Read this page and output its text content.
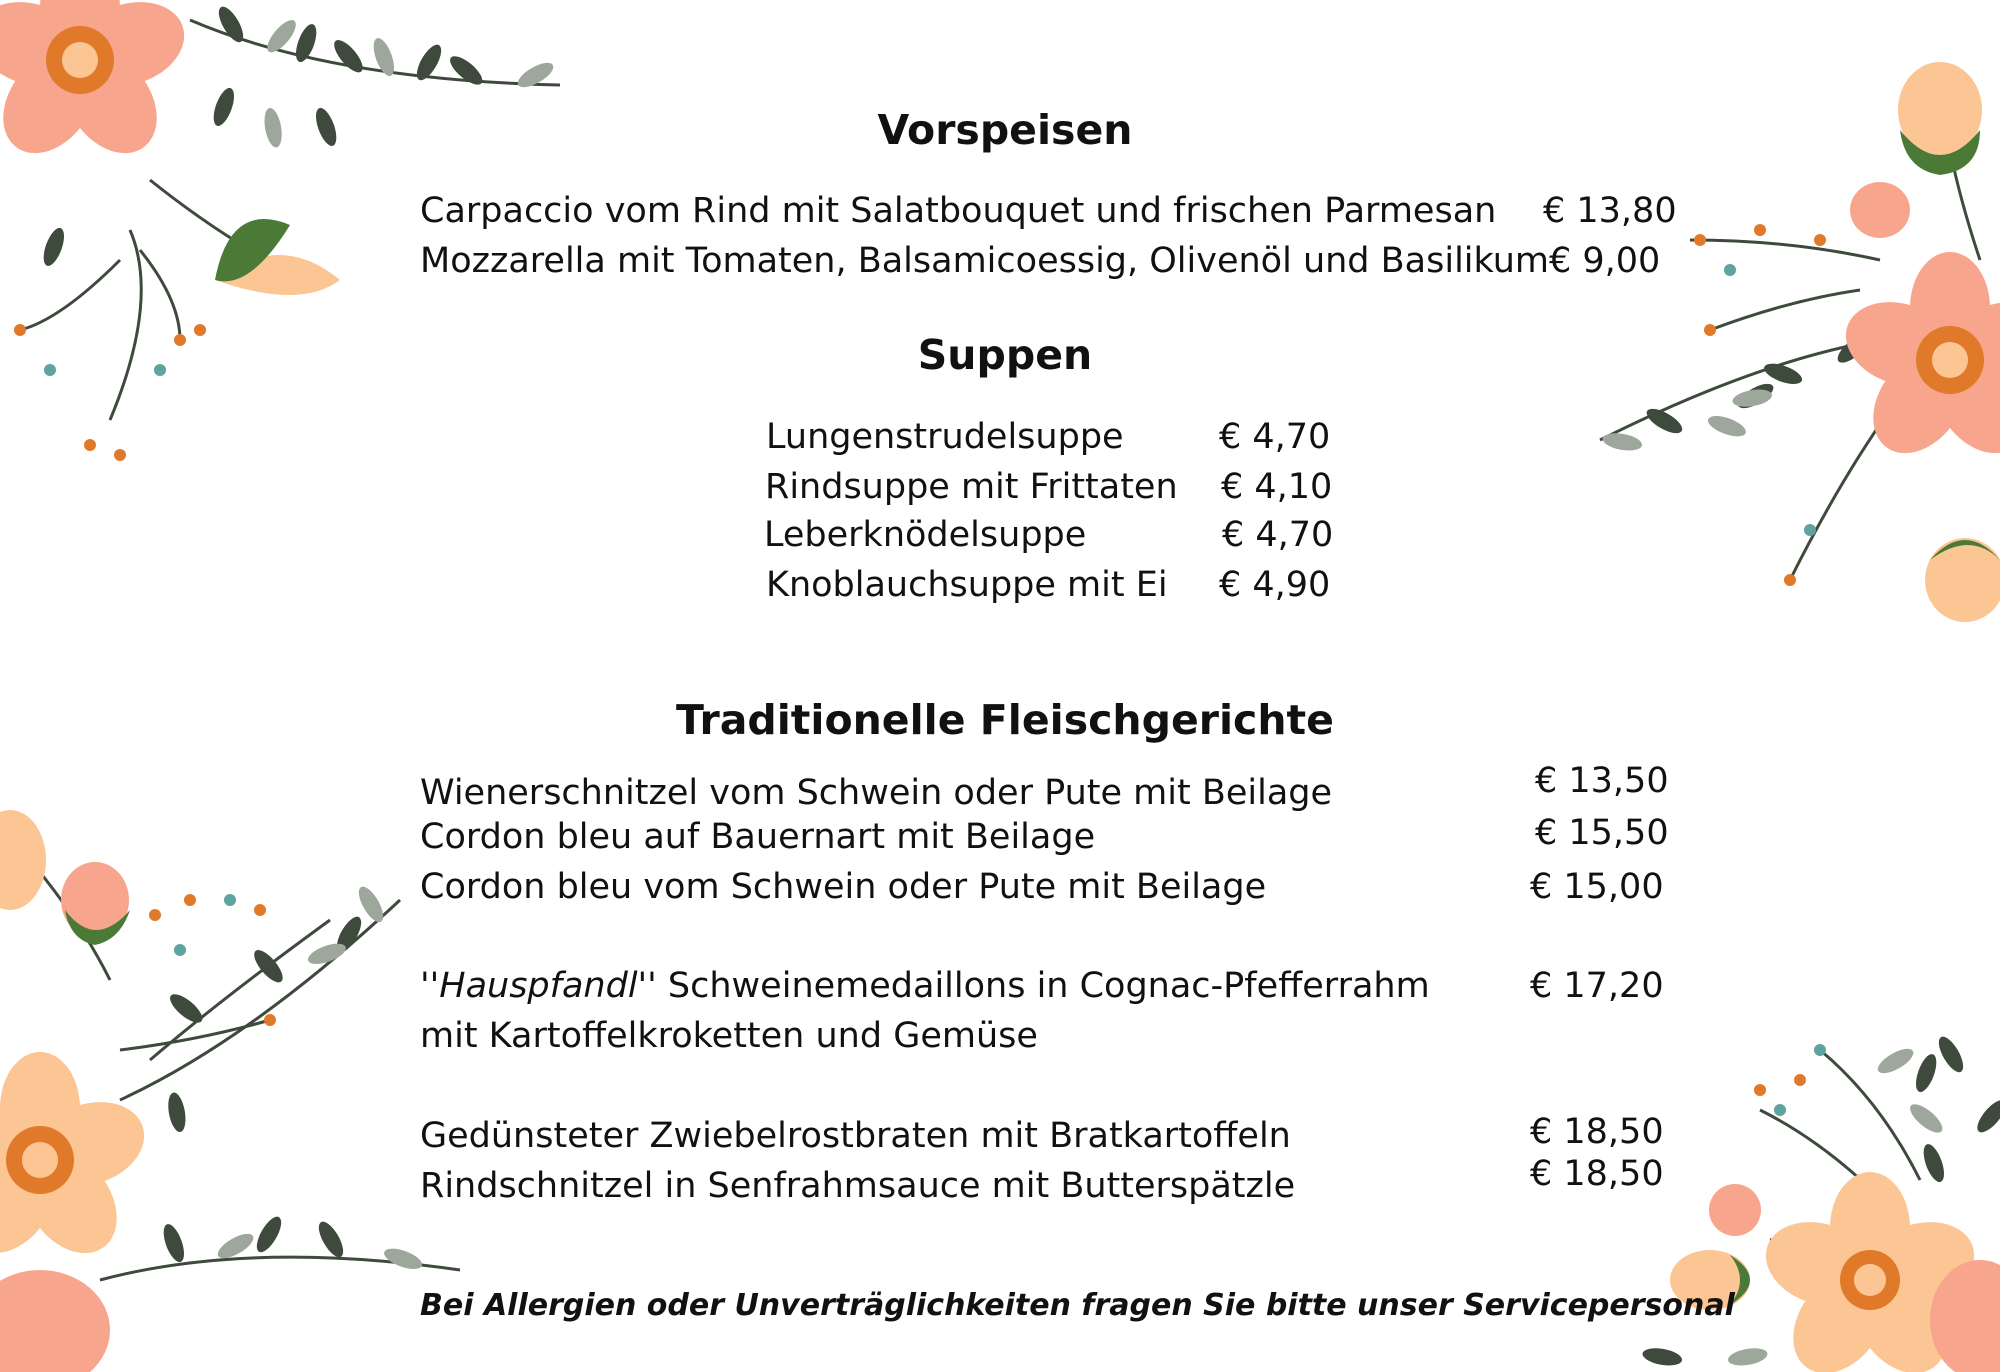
Vorspeisen
Carpaccio vom Rind mit Salatbouquet und frischen Parmesan € 13,80
Mozzarella mit Tomaten, Balsamicoessig, Olivenöl und Basilikum € 9,00
Suppen
Lungenstrudelsuppe	€ 4,70
Rindsuppe mit Frittaten € 4,10
Leberknödelsuppe	€ 4,70
Knoblauchsuppe mit Ei € 4,90
Traditionelle Fleischgerichte
Wienerschnitzel vom Schwein oder Pute mit Beilage	€ 13,50
Cordon bleu auf Bauernart mit Beilage	€ 15,50
Cordon bleu vom Schwein oder Pute mit Beilage	€ 15,00
''Hauspfandl'' Schweinemedaillons in Cognac-Pfefferrahm
mit Kartoffelkroketten und Gemüse
€ 17,20
Gedünsteter Zwiebelrostbraten mit Bratkartoffeln	€ 18,50
Rindschnitzel in Senfrahmsauce mit Butterspätzle	€ 18,50
Bei Allergien oder Unverträglichkeiten fragen Sie bitte unser Servicepersonal
